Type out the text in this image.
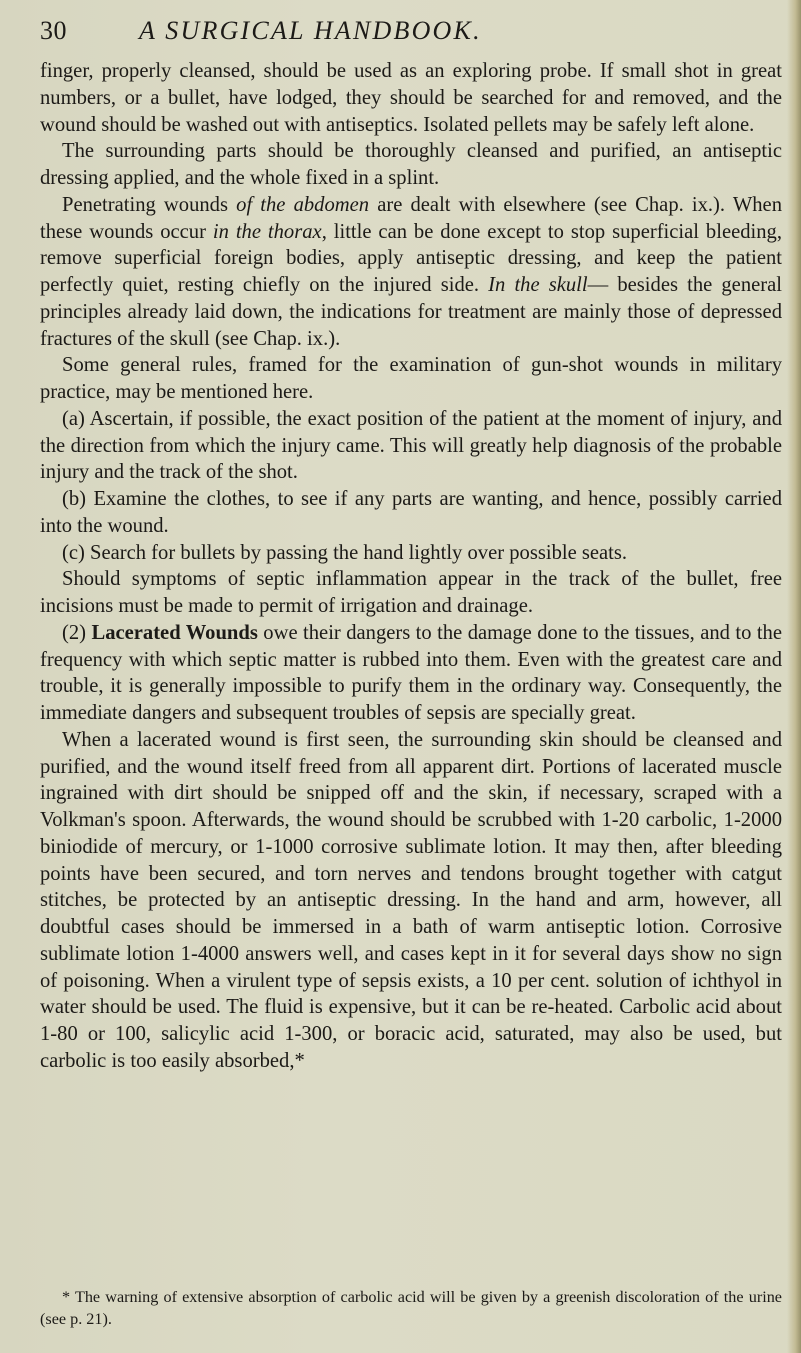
30	A SURGICAL HANDBOOK.

finger, properly cleansed, should be used as an exploring probe. If small shot in great numbers, or a bullet, have lodged, they should be searched for and removed, and the wound should be washed out with antiseptics. Isolated pellets may be safely left alone.

The surrounding parts should be thoroughly cleansed and purified, an antiseptic dressing applied, and the whole fixed in a splint.

Penetrating wounds of the abdomen are dealt with elsewhere (see Chap. ix.). When these wounds occur in the thorax, little can be done except to stop superficial bleeding, remove superficial foreign bodies, apply antiseptic dressing, and keep the patient perfectly quiet, resting chiefly on the injured side. In the skull— besides the general principles already laid down, the indications for treatment are mainly those of depressed fractures of the skull (see Chap. ix.).

Some general rules, framed for the examination of gun-shot wounds in military practice, may be mentioned here.

(a) Ascertain, if possible, the exact position of the patient at the moment of injury, and the direction from which the injury came. This will greatly help diagnosis of the probable injury and the track of the shot.

(b) Examine the clothes, to see if any parts are wanting, and hence, possibly carried into the wound.

(c) Search for bullets by passing the hand lightly over possible seats.

Should symptoms of septic inflammation appear in the track of the bullet, free incisions must be made to permit of irrigation and drainage.

(2) Lacerated Wounds owe their dangers to the damage done to the tissues, and to the frequency with which septic matter is rubbed into them. Even with the greatest care and trouble, it is generally impossible to purify them in the ordinary way. Consequently, the immediate dangers and subsequent troubles of sepsis are specially great.

When a lacerated wound is first seen, the surrounding skin should be cleansed and purified, and the wound itself freed from all apparent dirt. Portions of lacerated muscle ingrained with dirt should be snipped off and the skin, if necessary, scraped with a Volkman's spoon. Afterwards, the wound should be scrubbed with 1-20 carbolic, 1-2000 biniodide of mercury, or 1-1000 corrosive sublimate lotion. It may then, after bleeding points have been secured, and torn nerves and tendons brought together with catgut stitches, be protected by an antiseptic dressing. In the hand and arm, however, all doubtful cases should be immersed in a bath of warm antiseptic lotion. Corrosive sublimate lotion 1-4000 answers well, and cases kept in it for several days show no sign of poisoning. When a virulent type of sepsis exists, a 10 per cent. solution of ichthyol in water should be used. The fluid is expensive, but it can be re-heated. Carbolic acid about 1-80 or 100, salicylic acid 1-300, or boracic acid, saturated, may also be used, but carbolic is too easily absorbed,*

* The warning of extensive absorption of carbolic acid will be given by a greenish discoloration of the urine (see p. 21).
